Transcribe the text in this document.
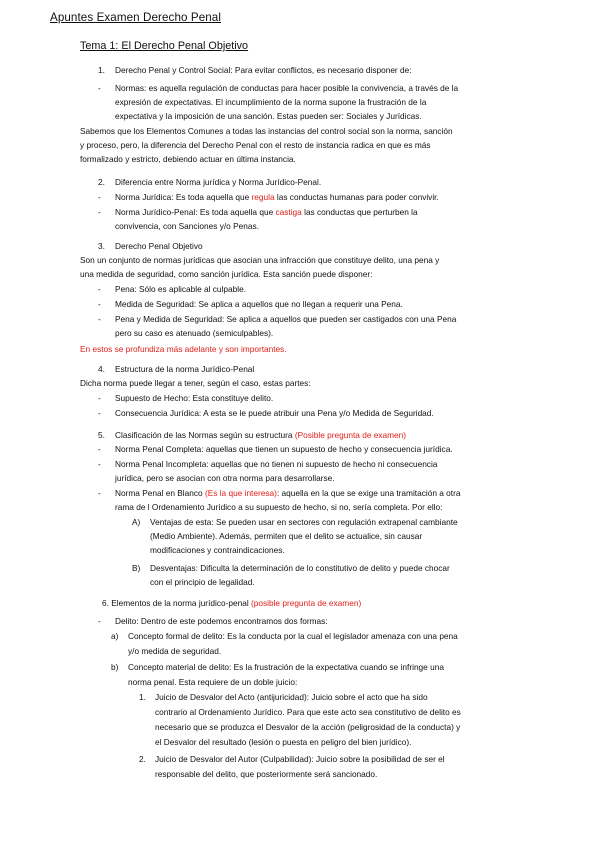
Apuntes Examen Derecho Penal
Tema 1: El Derecho Penal Objetivo
1. Derecho Penal y Control Social: Para evitar conflictos, es necesario disponer de:
- Normas: es aquella regulación de conductas para hacer posible la convivencia, a través de la
expresión de expectativas. El incumplimiento de la norma supone la frustración de la
expectativa y la imposición de una sanción. Estas pueden ser: Sociales y Jurídicas.
Sabemos que los Elementos Comunes a todas las instancias del control social son la norma, sanción
y proceso, pero, la diferencia del Derecho Penal con el resto de instancia radica en que es más
formalizado y estricto, debiendo actuar en última instancia.
2. Diferencia entre Norma jurídica y Norma Jurídico-Penal.
- Norma Jurídica: Es toda aquella que regula las conductas humanas para poder convivir.
- Norma Jurídico-Penal: Es toda aquella que castiga las conductas que perturben la
convivencia, con Sanciones y/o Penas.
3. Derecho Penal Objetivo
Son un conjunto de normas jurídicas que asocian una infracción que constituye delito, una pena y
una medida de seguridad, como sanción jurídica. Esta sanción puede disponer:
- Pena: Sólo es aplicable al culpable.
- Medida de Seguridad: Se aplica a aquellos que no llegan a requerir una Pena.
- Pena y Medida de Seguridad: Se aplica a aquellos que pueden ser castigados con una Pena
pero su caso es atenuado (semiculpables).
En estos se profundiza más adelante y son importantes.
4. Estructura de la norma Jurídico-Penal
Dicha norma puede llegar a tener, según el caso, estas partes:
- Supuesto de Hecho: Esta constituye delito.
- Consecuencia Jurídica: A esta se le puede atribuir una Pena y/o Medida de Seguridad.
5. Clasificación de las Normas según su estructura (Posible pregunta de examen)
- Norma Penal Completa: aquellas que tienen un supuesto de hecho y consecuencia jurídica.
- Norma Penal Incompleta: aquellas que no tienen ni supuesto de hecho ni consecuencia
jurídica, pero se asocian con otra norma para desarrollarse.
- Norma Penal en Blanco (Es la que interesa): aquella en la que se exige una tramitación a otra
rama de l Ordenamiento Jurídico a su supuesto de hecho, si no, sería completa. Por ello:
A) Ventajas de esta: Se pueden usar en sectores con regulación extrapenal cambiante
(Medio Ambiente). Además, permiten que el delito se actualice, sin causar
modificaciones y contraindicaciones.
B) Desventajas: Dificulta la determinación de lo constitutivo de delito y puede chocar
con el principio de legalidad.
6. Elementos de la norma jurídico-penal (posible pregunta de examen)
- Delito: Dentro de este podemos encontramos dos formas:
a) Concepto formal de delito: Es la conducta por la cual el legislador amenaza con una pena
y/o medida de seguridad.
b) Concepto material de delito: Es la frustración de la expectativa cuando se infringe una
norma penal. Esta requiere de un doble juicio:
1. Juicio de Desvalor del Acto (antijuricidad): Juicio sobre el acto que ha sido
contrario al Ordenamiento Jurídico. Para que este acto sea constitutivo de delito es
necesario que se produzca el Desvalor de la acción (peligrosidad de la conducta) y
el Desvalor del resultado (lesión o puesta en peligro del bien jurídico).
2. Juicio de Desvalor del Autor (Culpabilidad): Juicio sobre la posibilidad de ser el
responsable del delito, que posteriormente será sancionado.
